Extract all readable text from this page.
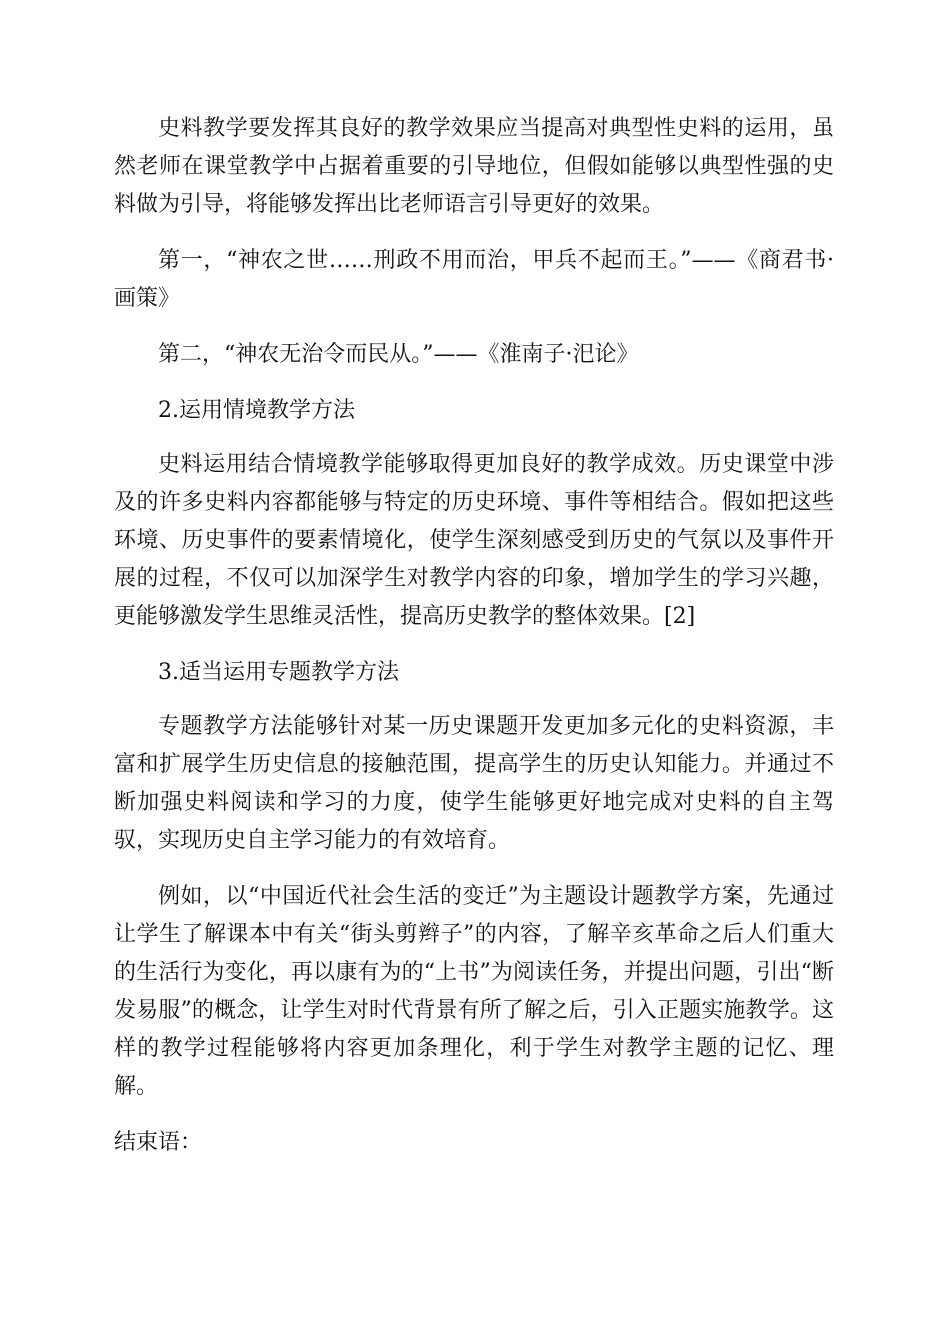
史料教学要发挥其良好的教学效果应当提高对典型性史料的运用，虽然老师在课堂教学中占据着重要的引导地位，但假如能够以典型性强的史料做为引导，将能够发挥出比老师语言引导更好的效果。

第一，“神农之世……刑政不用而治，甲兵不起而王。”——《商君书·画策》

第二，“神农无治令而民从。”——《淮南子·汜论》

2.运用情境教学方法

史料运用结合情境教学能够取得更加良好的教学成效。历史课堂中涉及的许多史料内容都能够与特定的历史环境、事件等相结合。假如把这些环境、历史事件的要素情境化，使学生深刻感受到历史的气氛以及事件开展的过程，不仅可以加深学生对教学内容的印象，增加学生的学习兴趣，更能够激发学生思维灵活性，提高历史教学的整体效果。[2]

3.适当运用专题教学方法

专题教学方法能够针对某一历史课题开发更加多元化的史料资源，丰富和扩展学生历史信息的接触范围，提高学生的历史认知能力。并通过不断加强史料阅读和学习的力度，使学生能够更好地完成对史料的自主驾驭，实现历史自主学习能力的有效培育。

例如，以“中国近代社会生活的变迁”为主题设计题教学方案，先通过让学生了解课本中有关“街头剪辫子”的内容，了解辛亥革命之后人们重大的生活行为变化，再以康有为的“上书”为阅读任务，并提出问题，引出“断发易服”的概念，让学生对时代背景有所了解之后，引入正题实施教学。这样的教学过程能够将内容更加条理化，利于学生对教学主题的记忆、理解。

结束语：
